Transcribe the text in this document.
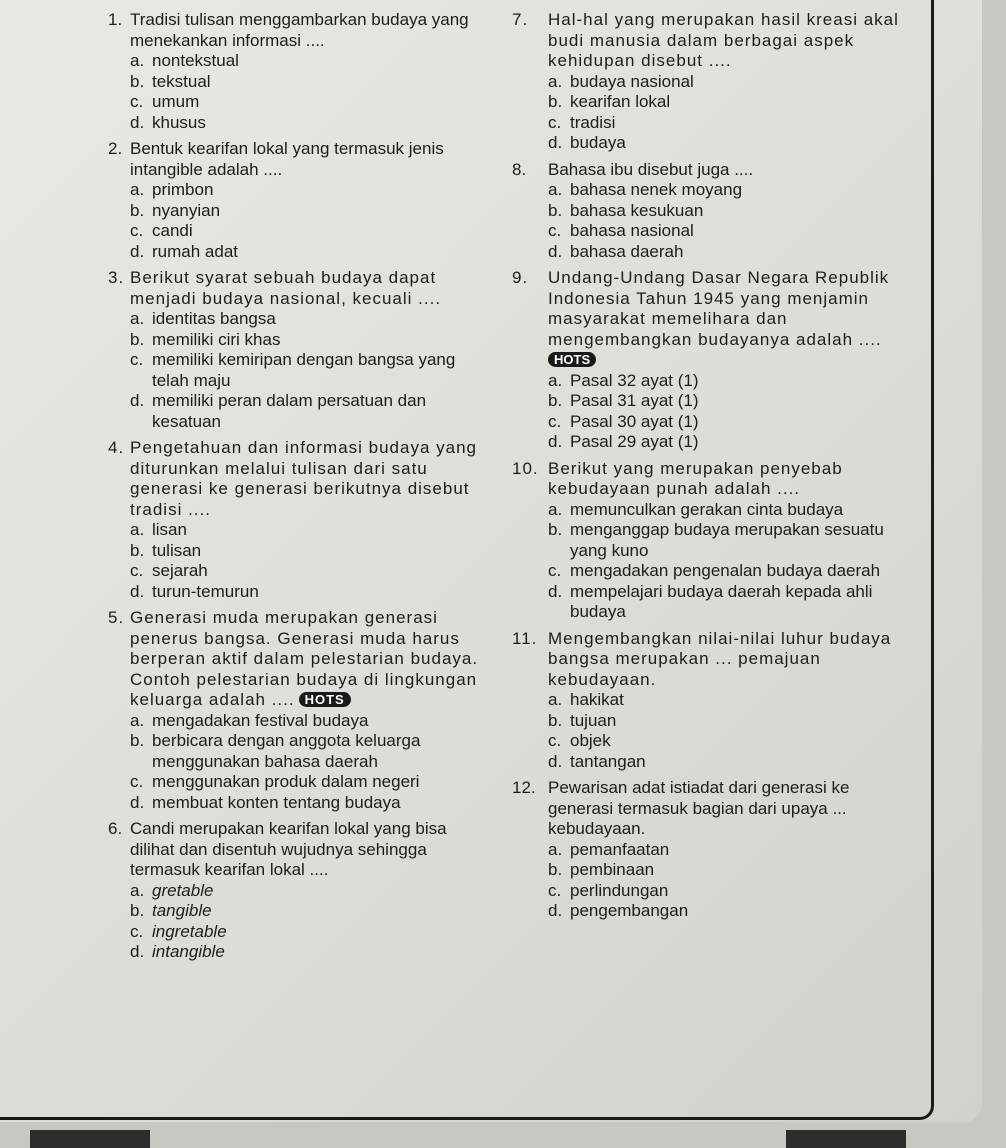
1. Tradisi tulisan menggambarkan budaya yang menekankan informasi ....
a. nontekstual
b. tekstual
c. umum
d. khusus
2. Bentuk kearifan lokal yang termasuk jenis intangible adalah ....
a. primbon
b. nyanyian
c. candi
d. rumah adat
3. Berikut syarat sebuah budaya dapat menjadi budaya nasional, kecuali ....
a. identitas bangsa
b. memiliki ciri khas
c. memiliki kemiripan dengan bangsa yang telah maju
d. memiliki peran dalam persatuan dan kesatuan
4. Pengetahuan dan informasi budaya yang diturunkan melalui tulisan dari satu generasi ke generasi berikutnya disebut tradisi ....
a. lisan
b. tulisan
c. sejarah
d. turun-temurun
5. Generasi muda merupakan generasi penerus bangsa. Generasi muda harus berperan aktif dalam pelestarian budaya. Contoh pelestarian budaya di lingkungan keluarga adalah .... HOTS
a. mengadakan festival budaya
b. berbicara dengan anggota keluarga menggunakan bahasa daerah
c. menggunakan produk dalam negeri
d. membuat konten tentang budaya
6. Candi merupakan kearifan lokal yang bisa dilihat dan disentuh wujudnya sehingga termasuk kearifan lokal ....
a. gretable
b. tangible
c. ingretable
d. intangible
7.	Hal-hal yang merupakan hasil kreasi akal budi manusia dalam berbagai aspek kehidupan disebut ....
a. budaya nasional
b. kearifan lokal
c. tradisi
d. budaya
8.	Bahasa ibu disebut juga ....
a. bahasa nenek moyang
b. bahasa kesukuan
c. bahasa nasional
d. bahasa daerah
9.	Undang-Undang Dasar Negara Republik Indonesia Tahun 1945 yang menjamin masyarakat memelihara dan mengembangkan budayanya adalah ....
HOTS
a. Pasal 32 ayat (1)
b. Pasal 31 ayat (1)
c. Pasal 30 ayat (1)
d. Pasal 29 ayat (1)
10. Berikut yang merupakan penyebab kebudayaan punah adalah ....
a. memunculkan gerakan cinta budaya
b. menganggap budaya merupakan sesuatu yang kuno
c. mengadakan pengenalan budaya daerah
d. mempelajari budaya daerah kepada ahli budaya
11. Mengembangkan nilai-nilai luhur budaya bangsa merupakan ... pemajuan kebudayaan.
a. hakikat
b. tujuan
c. objek
d. tantangan
12. Pewarisan adat istiadat dari generasi ke generasi termasuk bagian dari upaya ... kebudayaan.
a. pemanfaatan
b. pembinaan
c. perlindungan
d. pengembangan
